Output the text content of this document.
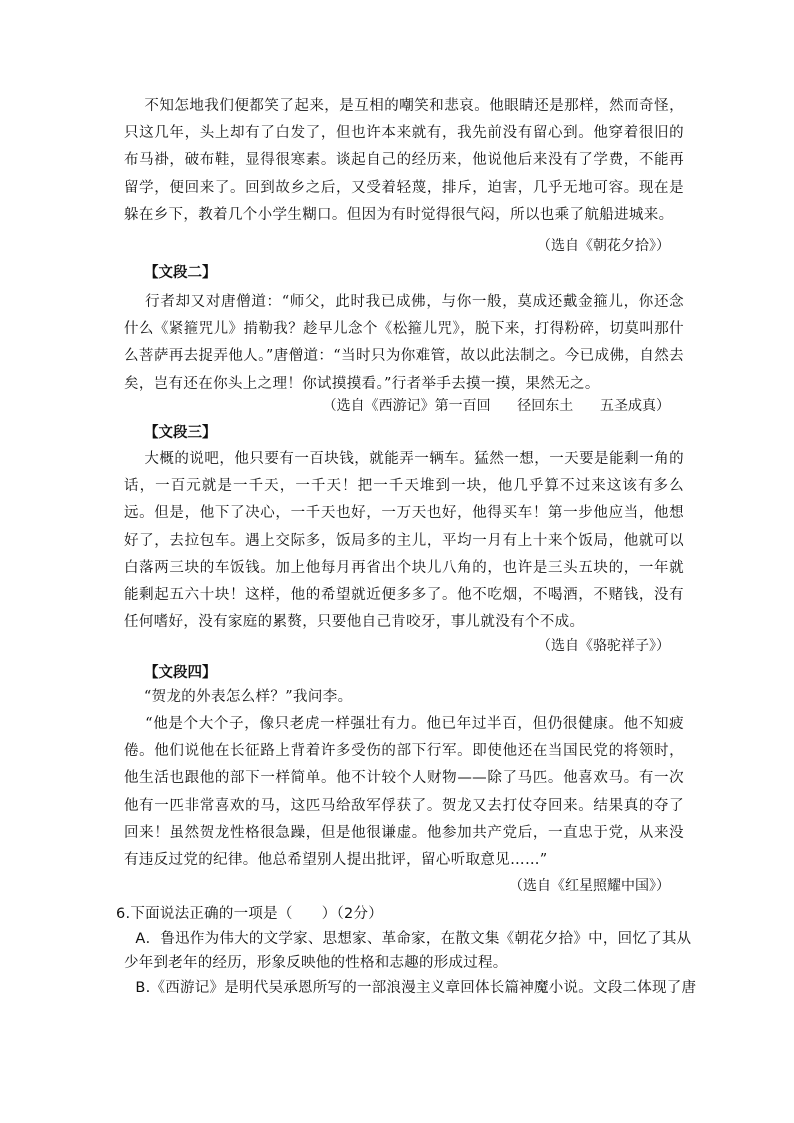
不知怎地我们便都笑了起来，是互相的嘲笑和悲哀。他眼睛还是那样，然而奇怪，只这几年，头上却有了白发了，但也许本来就有，我先前没有留心到。他穿着很旧的布马褂，破布鞋，显得很寒素。谈起自己的经历来，他说他后来没有了学费，不能再留学，便回来了。回到故乡之后，又受着轻蔑，排斥，迫害，几乎无地可容。现在是躲在乡下，教着几个小学生糊口。但因为有时觉得很气闷，所以也乘了航船进城来。

（选自《朝花夕拾》）

【文段二】

行者却又对唐僧道：“师父，此时我已成佛，与你一般，莫成还戴金箍儿，你还念什么《紧箍咒儿》掯勒我？趁早儿念个《松箍儿咒》，脱下来，打得粉碎，切莫叫那什么菩萨再去捉弄他人。”唐僧道：“当时只为你难管，故以此法制之。今已成佛，自然去矣，岂有还在你头上之理！你试摸摸看。”行者举手去摸一摸，果然无之。

（选自《西游记》第一百回      径回东土      五圣成真）

【文段三】

大概的说吧，他只要有一百块钱，就能弄一辆车。猛然一想，一天要是能剩一角的话，一百元就是一千天，一千天！把一千天堆到一块，他几乎算不过来这该有多么远。但是，他下了决心，一千天也好，一万天也好，他得买车！第一步他应当，他想好了，去拉包车。遇上交际多，饭局多的主儿，平均一月有上十来个饭局，他就可以白落两三块的车饭钱。加上他每月再省出个块儿八角的，也许是三头五块的，一年就能剩起五六十块！这样，他的希望就近便多多了。他不吃烟，不喝酒，不赌钱，没有任何嗜好，没有家庭的累赘，只要他自己肯咬牙，事儿就没有个不成。

（选自《骆驼祥子》）

【文段四】

“贺龙的外表怎么样？”我问李。

“他是个大个子，像只老虎一样强壮有力。他已年过半百，但仍很健康。他不知疲倦。他们说他在长征路上背着许多受伤的部下行军。即使他还在当国民党的将领时，他生活也跟他的部下一样简单。他不计较个人财物——除了马匹。他喜欢马。有一次他有一匹非常喜欢的马，这匹马给敌军俘获了。贺龙又去打仗夺回来。结果真的夺了回来！虽然贺龙性格很急躁，但是他很谦虚。他参加共产党后，一直忠于党，从来没有违反过党的纪律。他总希望别人提出批评，留心听取意见……”

（选自《红星照耀中国》）

6.下面说法正确的一项是（      ）（2分）
A．鲁迅作为伟大的文学家、思想家、革命家，在散文集《朝花夕拾》中，回忆了其从
少年到老年的经历，形象反映他的性格和志趣的形成过程。
B.《西游记》是明代吴承恩所写的一部浪漫主义章回体长篇神魔小说。文段二体现了唐
